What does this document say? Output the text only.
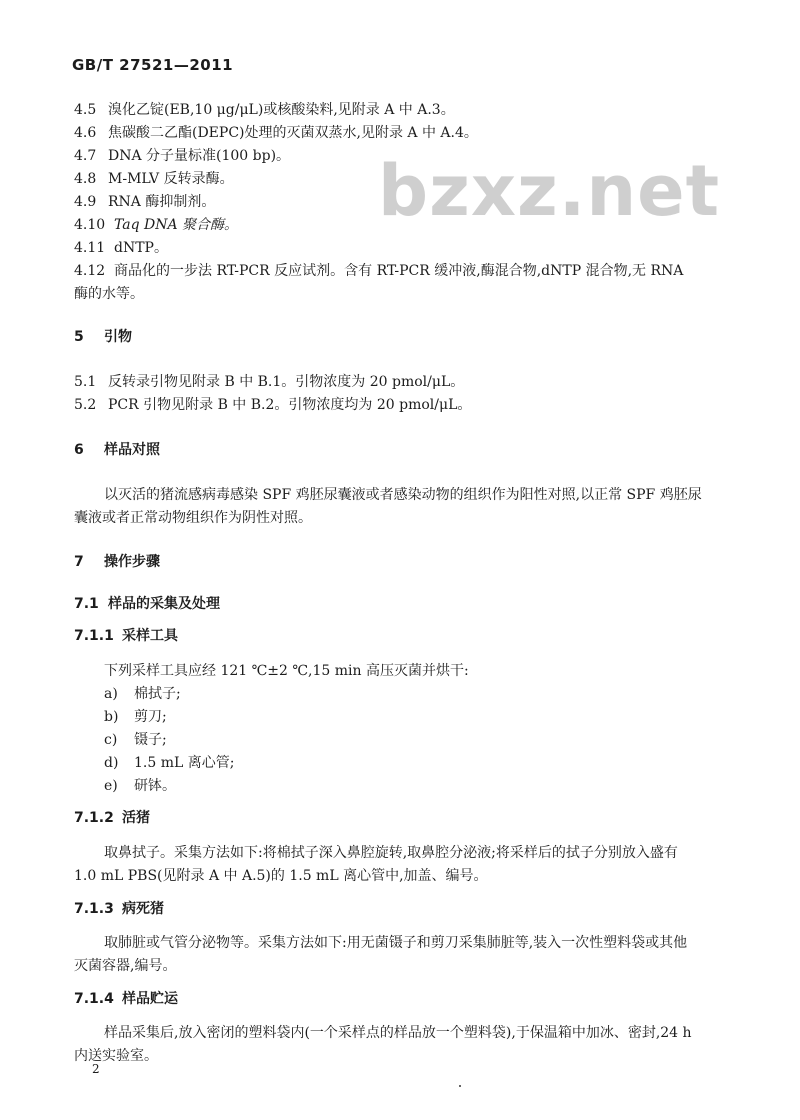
GB/T 27521—2011
bzxz.net
4.5 溴化乙锭(EB,10 μg/μL)或核酸染料,见附录 A 中 A.3。
4.6 焦碳酸二乙酯(DEPC)处理的灭菌双蒸水,见附录 A 中 A.4。
4.7 DNA 分子量标准(100 bp)。
4.8 M-MLV 反转录酶。
4.9 RNA 酶抑制剂。
4.10 Taq DNA 聚合酶。
4.11 dNTP。
4.12 商品化的一步法 RT-PCR 反应试剂。含有 RT-PCR 缓冲液,酶混合物,dNTP 混合物,无 RNA
酶的水等。
5 引物
5.1 反转录引物见附录 B 中 B.1。引物浓度为 20 pmol/μL。
5.2 PCR 引物见附录 B 中 B.2。引物浓度均为 20 pmol/μL。
6 样品对照
以灭活的猪流感病毒感染 SPF 鸡胚尿囊液或者感染动物的组织作为阳性对照,以正常 SPF 鸡胚尿
囊液或者正常动物组织作为阴性对照。
7 操作步骤
7.1 样品的采集及处理
7.1.1 采样工具
下列采样工具应经 121 ℃±2 ℃,15 min 高压灭菌并烘干:
a) 棉拭子;
b) 剪刀;
c) 镊子;
d) 1.5 mL 离心管;
e) 研钵。
7.1.2 活猪
取鼻拭子。采集方法如下:将棉拭子深入鼻腔旋转,取鼻腔分泌液;将采样后的拭子分别放入盛有
1.0 mL PBS(见附录 A 中 A.5)的 1.5 mL 离心管中,加盖、编号。
7.1.3 病死猪
取肺脏或气管分泌物等。采集方法如下:用无菌镊子和剪刀采集肺脏等,装入一次性塑料袋或其他
灭菌容器,编号。
7.1.4 样品贮运
样品采集后,放入密闭的塑料袋内(一个采样点的样品放一个塑料袋),于保温箱中加冰、密封,24 h
内送实验室。
2
